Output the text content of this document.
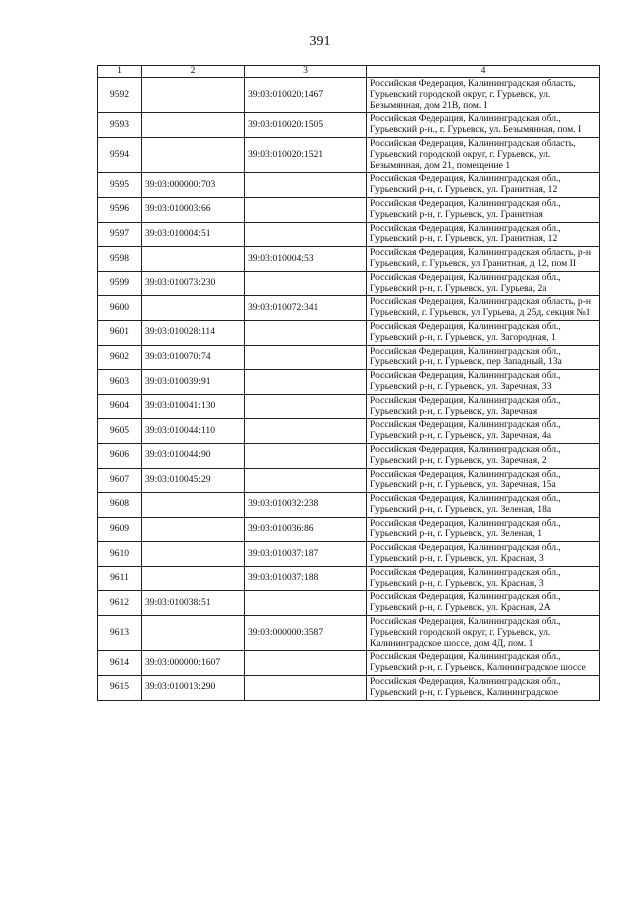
391
1	2	3	4
9592		39:03:010020:1467	Российская Федерация, Калининградская область, Гурьевский городской округ, г. Гурьевск, ул. Безымянная, дом 21В, пом. I
9593		39:03:010020:1505	Российская Федерация, Калининградская обл., Гурьевский р-н., г. Гурьевск, ул. Безымянная, пом. I
9594		39:03:010020:1521	Российская Федерация, Калининградская область, Гурьевский городской округ, г. Гурьевск, ул. Безымянная, дом 21, помещение 1
9595	39:03:000000:703		Российская Федерация, Калининградская обл., Гурьевский р-н, г. Гурьевск, ул. Гранитная, 12
9596	39:03:010003:66		Российская Федерация, Калининградская обл., Гурьевский р-н, г. Гурьевск, ул. Гранитная
9597	39:03:010004:51		Российская Федерация, Калининградская обл., Гурьевский р-н, г. Гурьевск, ул. Гранитная, 12
9598		39:03:010004:53	Российская Федерация, Калининградская область, р-н Гурьевский, г. Гурьевск, ул Гранитная, д 12, пом II
9599	39:03:010073:230		Российская Федерация, Калининградская обл., Гурьевский р-н, г. Гурьевск, ул. Гурьева, 2а
9600		39:03:010072:341	Российская Федерация, Калининградская область, р-н Гурьевский, г. Гурьевск, ул Гурьева, д 25д, секция №1
9601	39:03:010028:114		Российская Федерация, Калининградская обл., Гурьевский р-н, г. Гурьевск, ул. Загородная, 1
9602	39:03:010070:74		Российская Федерация, Калининградская обл., Гурьевский р-н, г. Гурьевск, пер Западный, 13а
9603	39:03:010039:91		Российская Федерация, Калининградская обл., Гурьевский р-н, г. Гурьевск, ул. Заречная, 33
9604	39:03:010041:130		Российская Федерация, Калининградская обл., Гурьевский р-н, г. Гурьевск, ул. Заречная
9605	39:03:010044:110		Российская Федерация, Калининградская обл., Гурьевский р-н, г. Гурьевск, ул. Заречная, 4а
9606	39:03:010044:90		Российская Федерация, Калининградская обл., Гурьевский р-н, г. Гурьевск, ул. Заречная, 2
9607	39:03:010045:29		Российская Федерация, Калининградская обл., Гурьевский р-н, г. Гурьевск, ул. Заречная, 15а
9608		39:03:010032:238	Российская Федерация, Калининградская обл., Гурьевский р-н, г. Гурьевск, ул. Зеленая, 18а
9609		39:03:010036:86	Российская Федерация, Калининградская обл., Гурьевский р-н, г. Гурьевск, ул. Зеленая, 1
9610		39:03:010037:187	Российская Федерация, Калининградская обл., Гурьевский р-н, г. Гурьевск, ул. Красная, 3
9611		39:03:010037:188	Российская Федерация, Калининградская обл., Гурьевский р-н, г. Гурьевск, ул. Красная, 3
9612	39:03:010038:51		Российская Федерация, Калининградская обл., Гурьевский р-н, г. Гурьевск, ул. Красная, 2А
9613		39:03:000000:3587	Российская Федерация, Калининградская обл., Гурьевский городской округ, г. Гурьевск, ул. Калининградское шоссе, дом 4Д, пом. 1
9614	39:03:000000:1607		Российская Федерация, Калининградская обл., Гурьевский р-н, г. Гурьевск, Калининградское шоссе
9615	39:03:010013:290		Российская Федерация, Калининградская обл., Гурьевский р-н, г. Гурьевск, Калининградское
